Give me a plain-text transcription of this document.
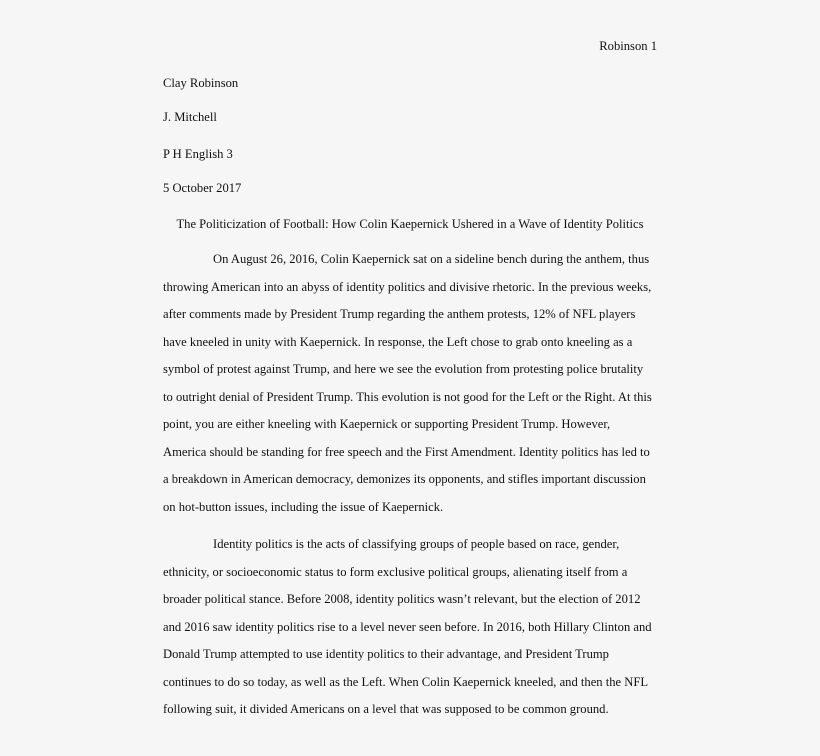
Robinson 1
Clay Robinson
J. Mitchell
P H English 3
5 October 2017
The Politicization of Football: How Colin Kaepernick Ushered in a Wave of Identity Politics
On August 26, 2016, Colin Kaepernick sat on a sideline bench during the anthem, thus
throwing American into an abyss of identity politics and divisive rhetoric. In the previous weeks,
after comments made by President Trump regarding the anthem protests, 12% of NFL players
have kneeled in unity with Kaepernick. In response, the Left chose to grab onto kneeling as a
symbol of protest against Trump, and here we see the evolution from protesting police brutality
to outright denial of President Trump. This evolution is not good for the Left or the Right. At this
point, you are either kneeling with Kaepernick or supporting President Trump. However,
America should be standing for free speech and the First Amendment. Identity politics has led to
a breakdown in American democracy, demonizes its opponents, and stifles important discussion
on hot-button issues, including the issue of Kaepernick.
Identity politics is the acts of classifying groups of people based on race, gender,
ethnicity, or socioeconomic status to form exclusive political groups, alienating itself from a
broader political stance. Before 2008, identity politics wasn’t relevant, but the election of 2012
and 2016 saw identity politics rise to a level never seen before. In 2016, both Hillary Clinton and
Donald Trump attempted to use identity politics to their advantage, and President Trump
continues to do so today, as well as the Left. When Colin Kaepernick kneeled, and then the NFL
following suit, it divided Americans on a level that was supposed to be common ground.
